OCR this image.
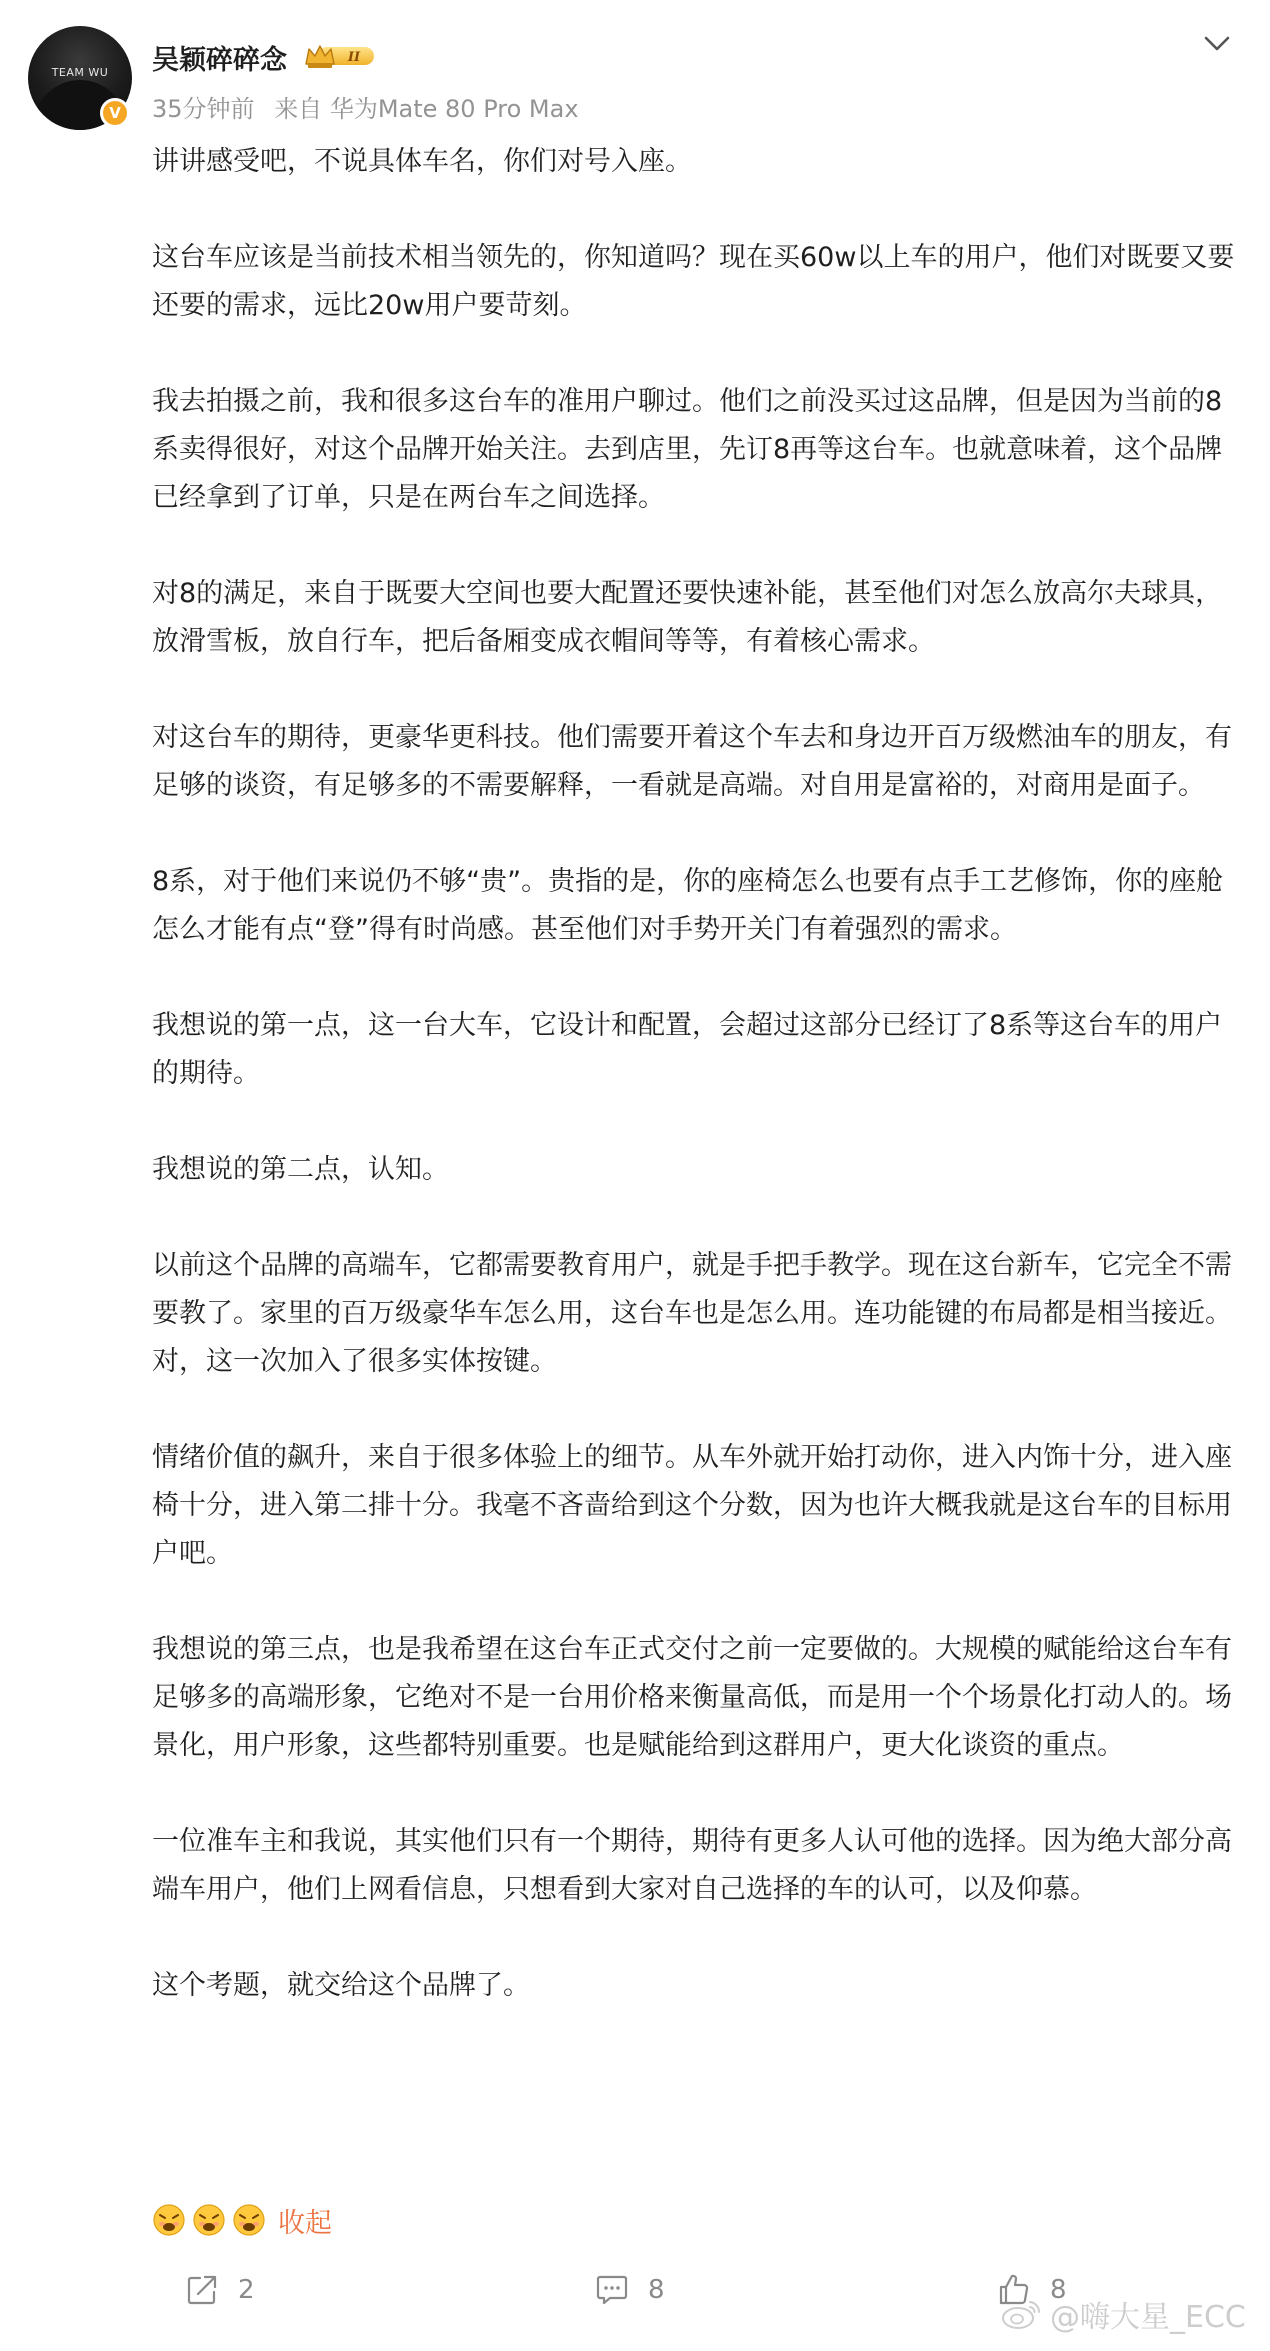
TEAM WU
V
吴颖碎碎念	II
35分钟前 来自 华为Mate 80 Pro Max

讲讲感受吧，不说具体车名，你们对号入座。

这台车应该是当前技术相当领先的，你知道吗？现在买60w以上车的用户，他们对既要又要还要的需求，远比20w用户要苛刻。

我去拍摄之前，我和很多这台车的准用户聊过。他们之前没买过这品牌，但是因为当前的8系卖得很好，对这个品牌开始关注。去到店里，先订8再等这台车。也就意味着，这个品牌已经拿到了订单，只是在两台车之间选择。

对8的满足，来自于既要大空间也要大配置还要快速补能，甚至他们对怎么放高尔夫球具，放滑雪板，放自行车，把后备厢变成衣帽间等等，有着核心需求。

对这台车的期待，更豪华更科技。他们需要开着这个车去和身边开百万级燃油车的朋友，有足够的谈资，有足够多的不需要解释，一看就是高端。对自用是富裕的，对商用是面子。

8系，对于他们来说仍不够“贵”。贵指的是，你的座椅怎么也要有点手工艺修饰，你的座舱怎么才能有点“登”得有时尚感。甚至他们对手势开关门有着强烈的需求。

我想说的第一点，这一台大车，它设计和配置，会超过这部分已经订了8系等这台车的用户的期待。

我想说的第二点，认知。

以前这个品牌的高端车，它都需要教育用户，就是手把手教学。现在这台新车，它完全不需要教了。家里的百万级豪华车怎么用，这台车也是怎么用。连功能键的布局都是相当接近。对，这一次加入了很多实体按键。

情绪价值的飙升，来自于很多体验上的细节。从车外就开始打动你，进入内饰十分，进入座椅十分，进入第二排十分。我毫不吝啬给到这个分数，因为也许大概我就是这台车的目标用户吧。

我想说的第三点，也是我希望在这台车正式交付之前一定要做的。大规模的赋能给这台车有足够多的高端形象，它绝对不是一台用价格来衡量高低，而是用一个个场景化打动人的。场景化，用户形象，这些都特别重要。也是赋能给到这群用户，更大化谈资的重点。

一位准车主和我说，其实他们只有一个期待，期待有更多人认可他的选择。因为绝大部分高端车用户，他们上网看信息，只想看到大家对自己选择的车的认可，以及仰慕。

这个考题，就交给这个品牌了。

收起
2	8	8
@嗨大星_ECC
